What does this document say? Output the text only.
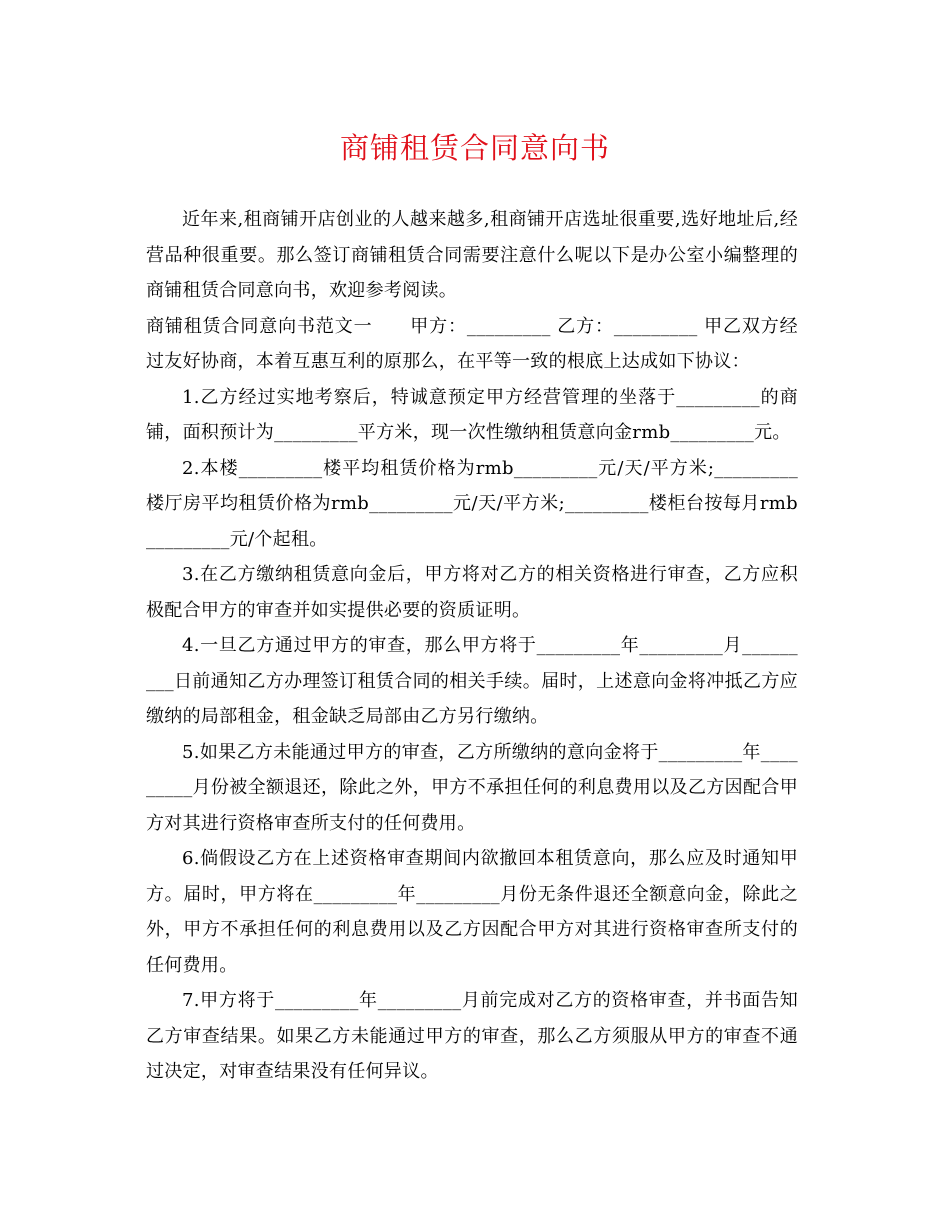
商铺租赁合同意向书

近年来,租商铺开店创业的人越来越多,租商铺开店选址很重要,选好地址后,经营品种很重要。那么签订商铺租赁合同需要注意什么呢以下是办公室小编整理的商铺租赁合同意向书，欢迎参考阅读。

商铺租赁合同意向书范文一　　甲方：_________ 乙方：_________ 甲乙双方经过友好协商，本着互惠互利的原那么，在平等一致的根底上达成如下协议：

1.乙方经过实地考察后，特诚意预定甲方经营管理的坐落于_________的商铺，面积预计为_________平方米，现一次性缴纳租赁意向金rmb_________元。

2.本楼_________楼平均租赁价格为rmb_________元/天/平方米;_________楼厅房平均租赁价格为rmb_________元/天/平方米;_________楼柜台按每月rmb_________元/个起租。

3.在乙方缴纳租赁意向金后，甲方将对乙方的相关资格进行审查，乙方应积极配合甲方的审查并如实提供必要的资质证明。

4.一旦乙方通过甲方的审查，那么甲方将于_________年_________月_________日前通知乙方办理签订租赁合同的相关手续。届时，上述意向金将冲抵乙方应缴纳的局部租金，租金缺乏局部由乙方另行缴纳。

5.如果乙方未能通过甲方的审查，乙方所缴纳的意向金将于_________年_________月份被全额退还，除此之外，甲方不承担任何的利息费用以及乙方因配合甲方对其进行资格审查所支付的任何费用。

6.倘假设乙方在上述资格审查期间内欲撤回本租赁意向，那么应及时通知甲方。届时，甲方将在_________年_________月份无条件退还全额意向金，除此之外，甲方不承担任何的利息费用以及乙方因配合甲方对其进行资格审查所支付的任何费用。

7.甲方将于_________年_________月前完成对乙方的资格审查，并书面告知乙方审查结果。如果乙方未能通过甲方的审查，那么乙方须服从甲方的审查不通过决定，对审查结果没有任何异议。
